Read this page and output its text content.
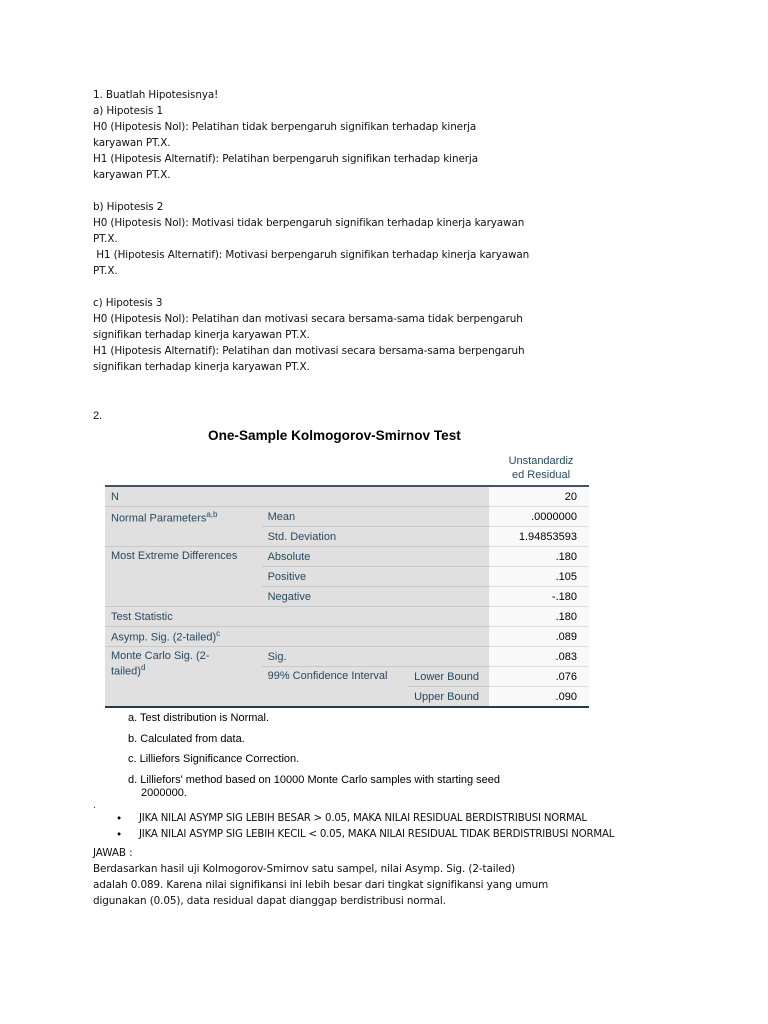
1. Buatlah Hipotesisnya!
a) Hipotesis 1
H0 (Hipotesis Nol): Pelatihan tidak berpengaruh signifikan terhadap kinerja
karyawan PT.X.
H1 (Hipotesis Alternatif): Pelatihan berpengaruh signifikan terhadap kinerja
karyawan PT.X.
b) Hipotesis 2
H0 (Hipotesis Nol): Motivasi tidak berpengaruh signifikan terhadap kinerja karyawan
PT.X.
H1 (Hipotesis Alternatif): Motivasi berpengaruh signifikan terhadap kinerja karyawan
PT.X.
c) Hipotesis 3
H0 (Hipotesis Nol): Pelatihan dan motivasi secara bersama-sama tidak berpengaruh
signifikan terhadap kinerja karyawan PT.X.
H1 (Hipotesis Alternatif): Pelatihan dan motivasi secara bersama-sama berpengaruh
signifikan terhadap kinerja karyawan PT.X.
2.
One-Sample Kolmogorov-Smirnov Test
Unstandardiz
ed Residual
N			20
Normal Parameters$^{a,b}$	Mean		.0000000
	Std. Deviation		1.94853593
Most Extreme Differences	Absolute		.180
	Positive		.105
	Negative		-.180
Test Statistic			.180
Asymp. Sig. (2-tailed)$^c$			.089
Monte Carlo Sig. (2-
tailed)$^d$	Sig.		.083
	99% Confidence Interval	Lower Bound	.076
		Upper Bound	.090
a. Test distribution is Normal.
b. Calculated from data.
c. Lilliefors Significance Correction.
d. Lilliefors' method based on 10000 Monte Carlo samples with starting seed
2000000.
.
• JIKA NILAI ASYMP SIG LEBIH BESAR > 0.05, MAKA NILAI RESIDUAL BERDISTRIBUSI NORMAL
• JIKA NILAI ASYMP SIG LEBIH KECIL < 0.05, MAKA NILAI RESIDUAL TIDAK BERDISTRIBUSI NORMAL
JAWAB :
Berdasarkan hasil uji Kolmogorov-Smirnov satu sampel, nilai Asymp. Sig. (2-tailed)
adalah 0.089. Karena nilai signifikansi ini lebih besar dari tingkat signifikansi yang umum
digunakan (0.05), data residual dapat dianggap berdistribusi normal.
